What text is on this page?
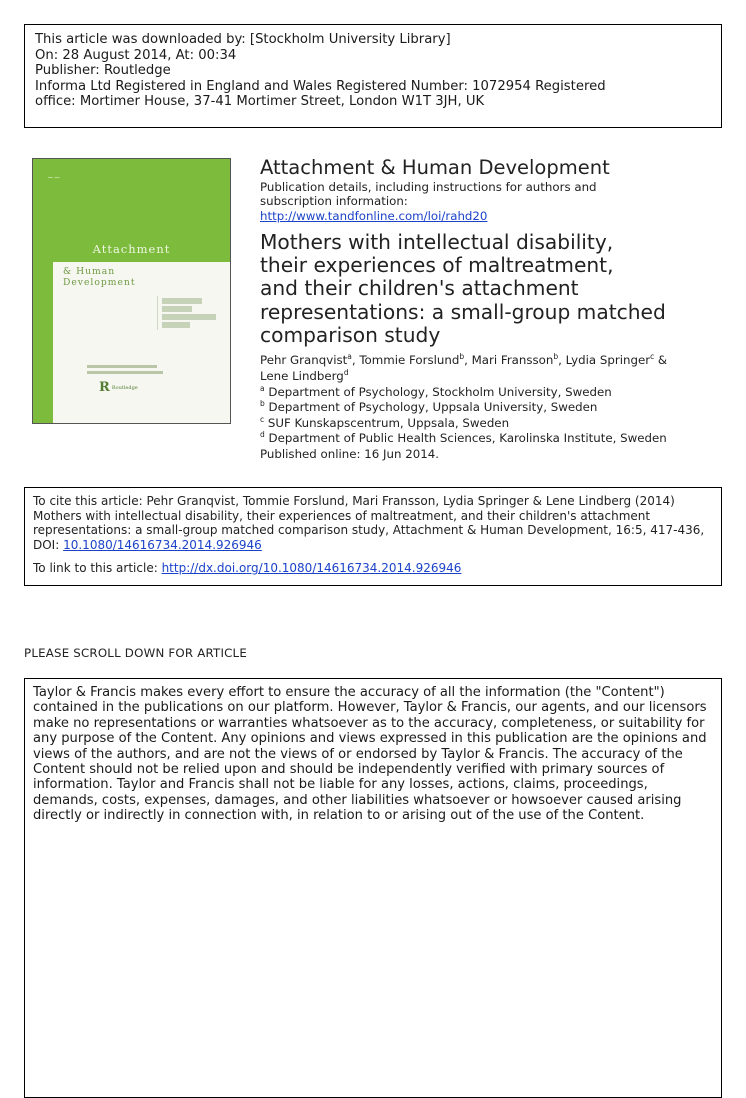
This article was downloaded by: [Stockholm University Library]

On: 28 August 2014, At: 00:34

Publisher: Routledge

Informa Ltd Registered in England and Wales Registered Number: 1072954 Registered

office: Mortimer House, 37-41 Mortimer Street, London W1T 3JH, UK

~~
Attachment
& Human
Development
R Routledge
Attachment & Human Development

Publication details, including instructions for authors and
subscription information:
http://www.tandfonline.com/loi/rahd20

Mothers with intellectual disability,
their experiences of maltreatment,
and their children's attachment
representations: a small-group matched
comparison study

Pehr Granqvist$^a$, Tommie Forslund$^b$, Mari Fransson$^b$, Lydia Springer$^c$ & Lene Lindberg$^d$

$^a$ Department of Psychology, Stockholm University, Sweden

$^b$ Department of Psychology, Uppsala University, Sweden

$^c$ SUF Kunskapscentrum, Uppsala, Sweden

$^d$ Department of Public Health Sciences, Karolinska Institute, Sweden

Published online: 16 Jun 2014.

To cite this article: Pehr Granqvist, Tommie Forslund, Mari Fransson, Lydia Springer & Lene Lindberg (2014) Mothers with intellectual disability, their experiences of maltreatment, and their children's attachment representations: a small-group matched comparison study, Attachment & Human Development, 16:5, 417-436, DOI: 10.1080/14616734.2014.926946

To link to this article: http://dx.doi.org/10.1080/14616734.2014.926946

PLEASE SCROLL DOWN FOR ARTICLE

Taylor & Francis makes every effort to ensure the accuracy of all the information (the "Content") contained in the publications on our platform. However, Taylor & Francis, our agents, and our licensors make no representations or warranties whatsoever as to the accuracy, completeness, or suitability for any purpose of the Content. Any opinions and views expressed in this publication are the opinions and views of the authors, and are not the views of or endorsed by Taylor & Francis. The accuracy of the Content should not be relied upon and should be independently verified with primary sources of information. Taylor and Francis shall not be liable for any losses, actions, claims, proceedings, demands, costs, expenses, damages, and other liabilities whatsoever or howsoever caused arising directly or indirectly in connection with, in relation to or arising out of the use of the Content.
